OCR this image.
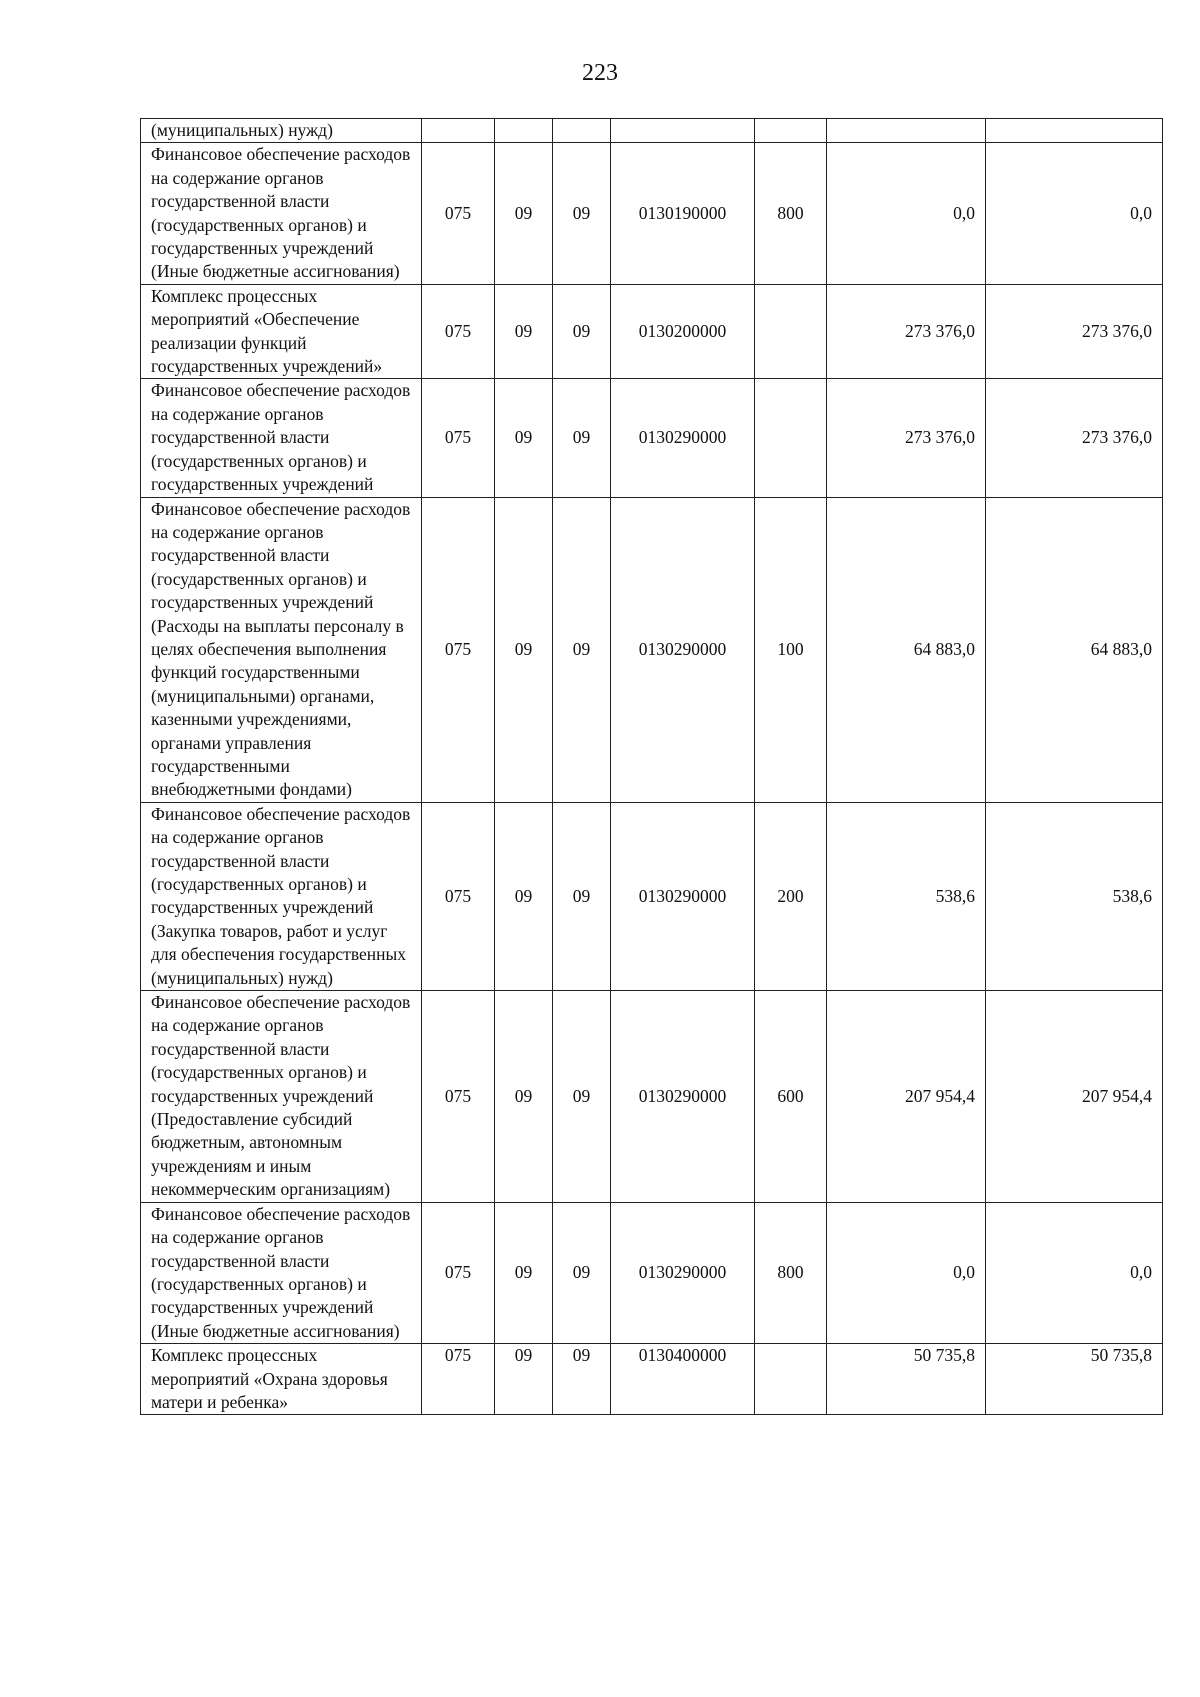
223
(муниципальных) нужд)							
Финансовое обеспечение расходов на содержание органов государственной власти (государственных органов) и государственных учреждений (Иные бюджетные ассигнования)	075	09	09	0130190000	800	0,0	0,0
Комплекс процессных мероприятий «Обеспечение реализации функций государственных учреждений»	075	09	09	0130200000		273 376,0	273 376,0
Финансовое обеспечение расходов на содержание органов государственной власти (государственных органов) и государственных учреждений	075	09	09	0130290000		273 376,0	273 376,0
Финансовое обеспечение расходов на содержание органов государственной власти (государственных органов) и государственных учреждений (Расходы на выплаты персоналу в целях обеспечения выполнения функций государственными (муниципальными) органами, казенными учреждениями, органами управления государственными внебюджетными фондами)	075	09	09	0130290000	100	64 883,0	64 883,0
Финансовое обеспечение расходов на содержание органов государственной власти (государственных органов) и государственных учреждений (Закупка товаров, работ и услуг для обеспечения государственных (муниципальных) нужд)	075	09	09	0130290000	200	538,6	538,6
Финансовое обеспечение расходов на содержание органов государственной власти (государственных органов) и государственных учреждений (Предоставление субсидий бюджетным, автономным учреждениям и иным некоммерческим организациям)	075	09	09	0130290000	600	207 954,4	207 954,4
Финансовое обеспечение расходов на содержание органов государственной власти (государственных органов) и государственных учреждений (Иные бюджетные ассигнования)	075	09	09	0130290000	800	0,0	0,0
Комплекс процессных мероприятий «Охрана здоровья матери и ребенка»	075	09	09	0130400000		50 735,8	50 735,8
